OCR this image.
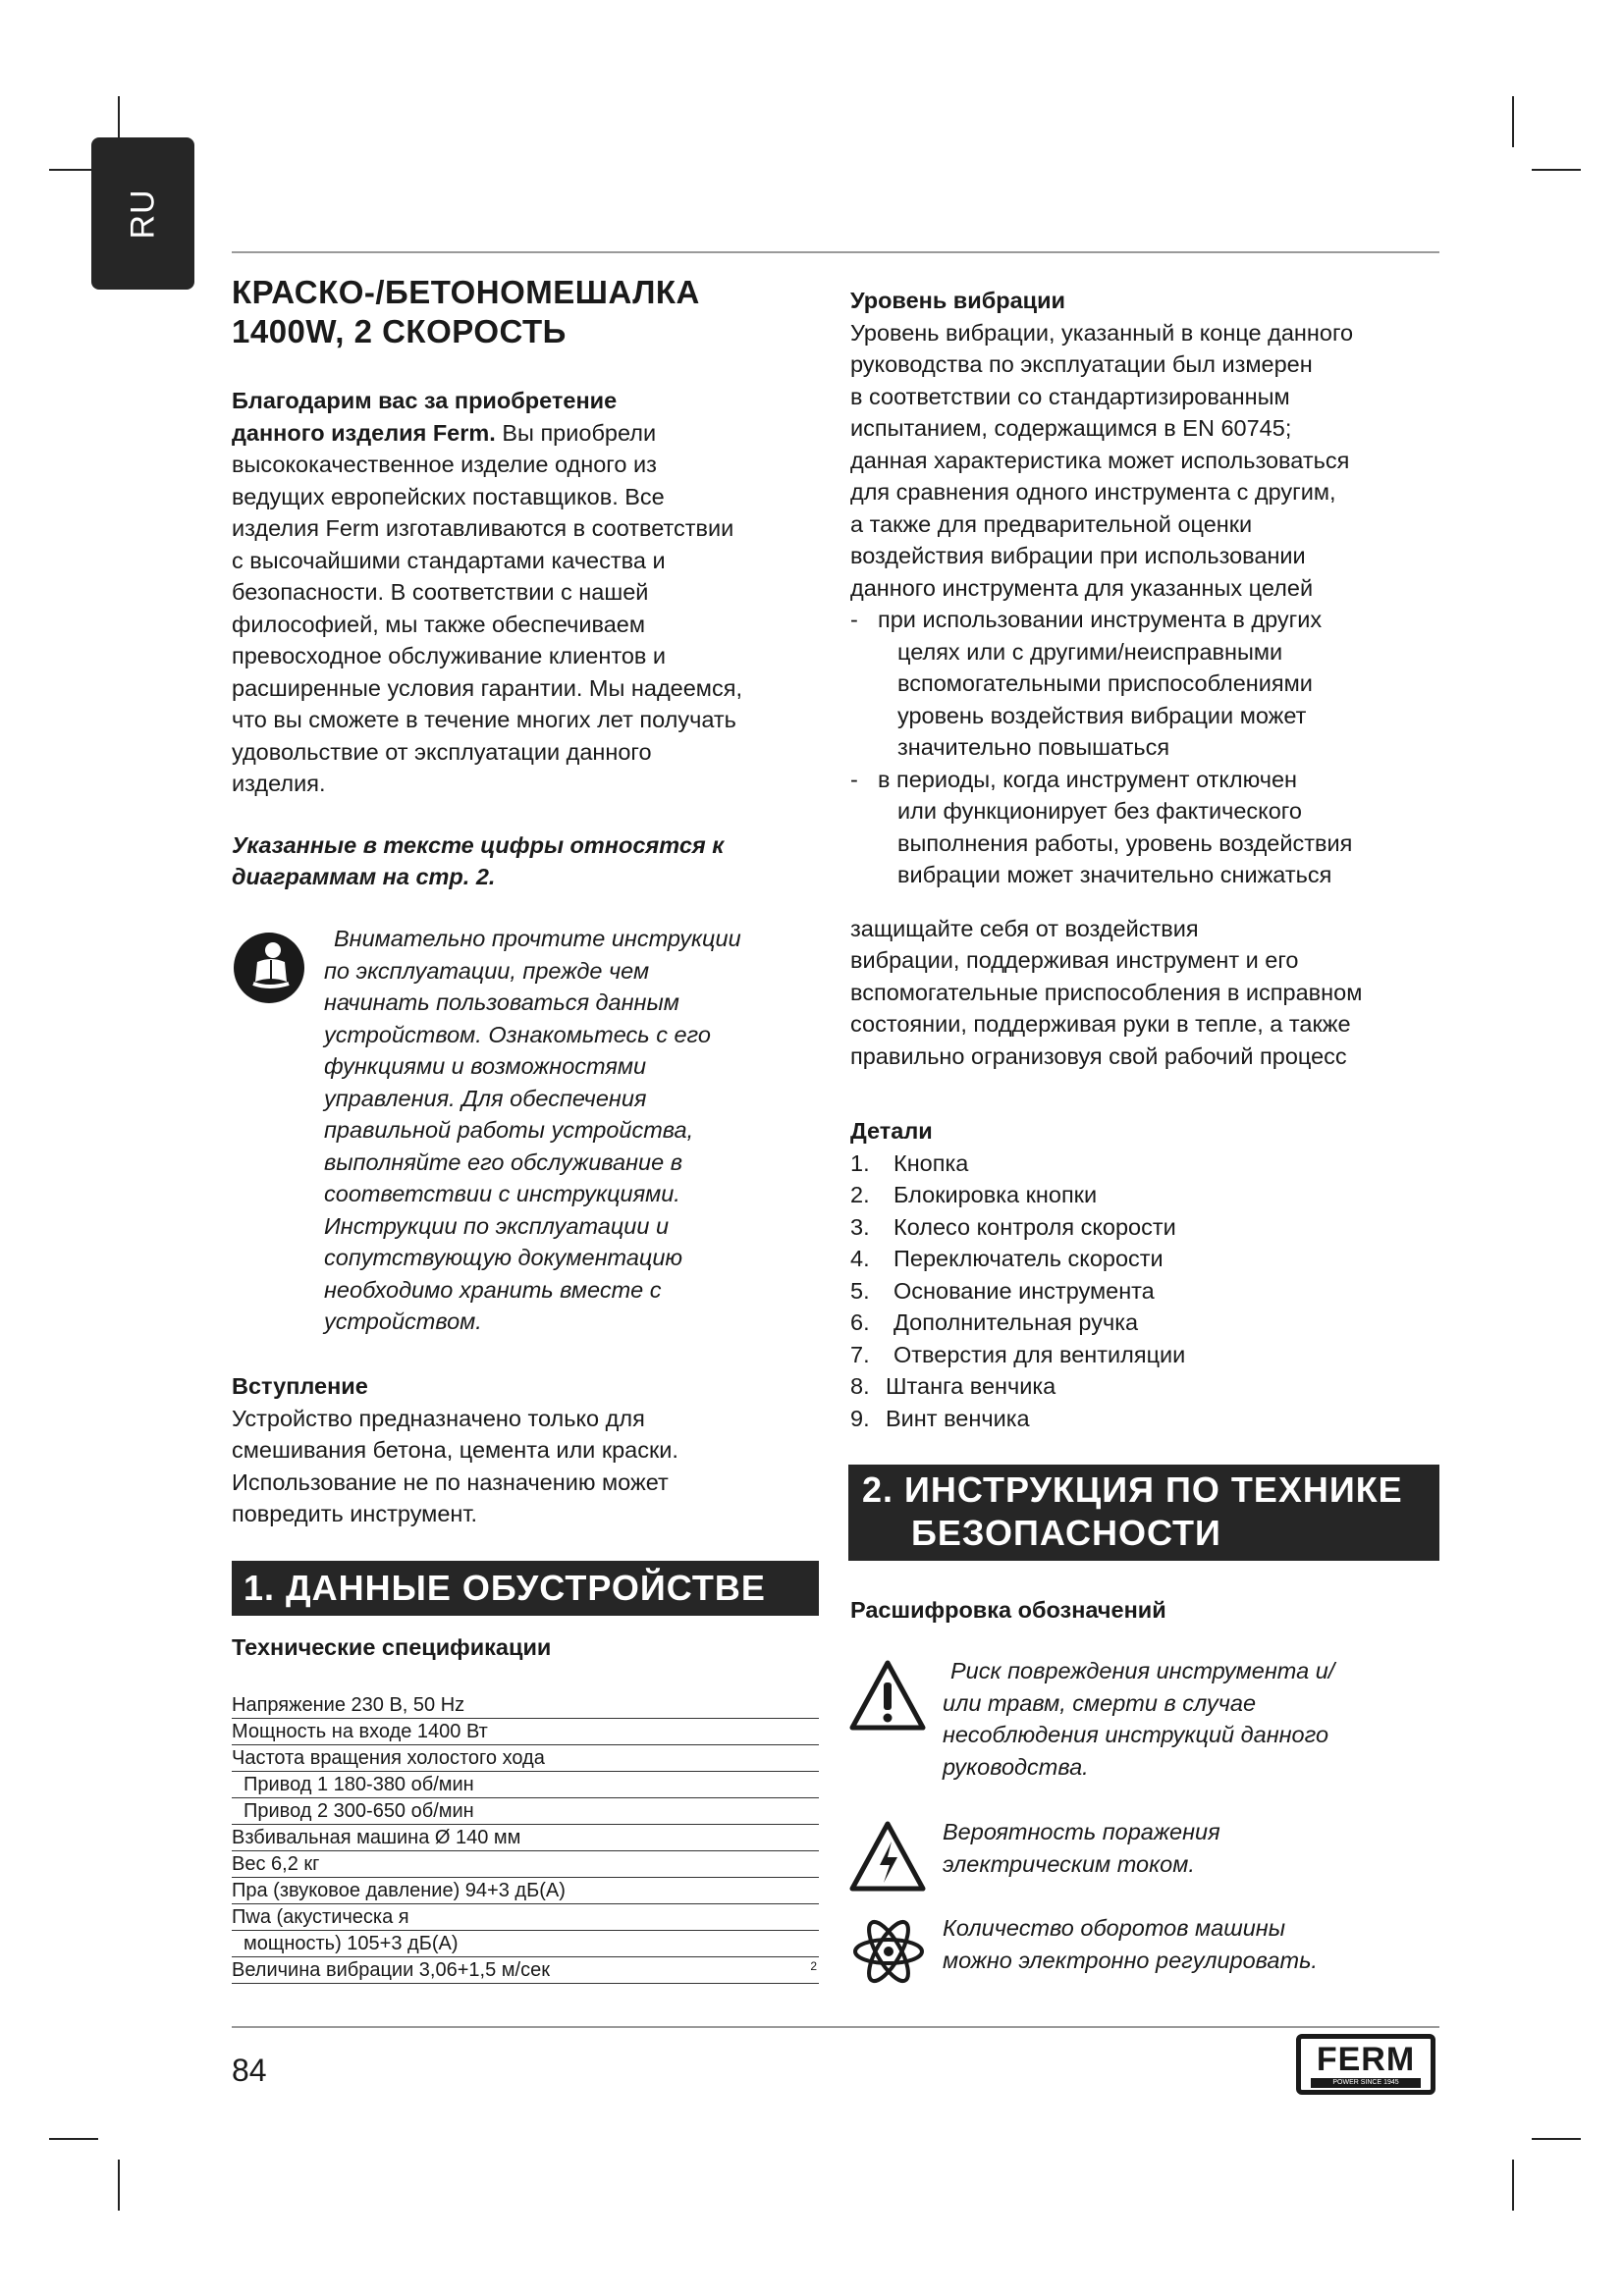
RU
КРАСКО-/БЕТОНОМЕШАЛКА
1400W, 2 СКОРОСТЬ
Благодарим вас за приобретение
данного изделия Ferm. Вы приобрели
высококачественное изделие одного из
ведущих европейских поставщиков. Все
изделия Ferm изготавливаются в соответствии
с высочайшими стандартами качества и
безопасности. В соответствии с нашей
философией, мы также обеспечиваем
превосходное обслуживание клиентов и
расширенные условия гарантии. Мы надеемся,
что вы сможете в течение многих лет получать
удовольствие от эксплуатации данного
изделия.
Указанные в тексте цифры относятся к
диаграммам на стр. 2.
Внимательно прочтите инструкции
по эксплуатации, прежде чем
начинать пользоваться данным
устройством. Ознакомьтесь с его
функциями и возможностями
управления. Для обеспечения
правильной работы устройства,
выполняйте его обслуживание в
соответствии с инструкциями.
Инструкции по эксплуатации и
сопутствующую документацию
необходимо хранить вместе с
устройством.
Вступление
Устройство предназначено только для
смешивания бетона, цемента или краски.
Использование не по назначению может
повредить инструмент.
1. ДАННЫЕ ОБУСТРОЙСТВЕ
Технические спецификации
Напряжение 230 В, 50 Hz
Мощность на входе 1400 Вт
Частота вращения холостого хода
Привод 1 180-380 об/мин
Привод 2 300-650 об/мин
Взбивальная машина Ø 140 мм
Вес 6,2 кг
Пра (звуковое давление) 94+3 дБ(А)
Пwа (акустическа я
мощность) 105+3 дБ(А)
Величина вибрации 3,06+1,5 м/сек	2
Уровень вибрации
Уровень вибрации, указанный в конце данного
руководства по эксплуатации был измерен
в соответствии со стандартизированным
испытанием, содержащимся в EN 60745;
данная характеристика может использоваться
для сравнения одного инструмента с другим,
а также для предварительной оценки
воздействия вибрации при использовании
данного инструмента для указанных целей
- при использовании инструмента в других
целях или с другими/неисправными
вспомогательными приспособлениями
уровень воздействия вибрации может
значительно повышаться
- в периоды, когда инструмент отключен
или функционирует без фактического
выполнения работы, уровень воздействия
вибрации может значительно снижаться
защищайте себя от воздействия
вибрации, поддерживая инструмент и его
вспомогательные приспособления в исправном
состоянии, поддерживая руки в тепле, а также
правильно огранизовуя свой рабочий процесс
Детали
1.	Кнопка
2.	Блокировка кнопки
3.	Колесо контроля скорости
4.	Переключатель скорости
5.	Основание инструмента
6.	Дополнительная ручка
7.	Отверстия для вентиляции
8. Штанга венчика
9. Винт венчика
2. ИНСТРУКЦИЯ ПО ТЕХНИКЕ
БЕЗОПАСНОСТИ
Расшифровка обозначений
Риск повреждения инструмента и/
или травм, смерти в случае
несоблюдения инструкций данного
руководства.
Вероятность поражения
электрическим током.
Количество оборотов машины
можно электронно регулировать.
84	FERM
POWER SINCE 1945
